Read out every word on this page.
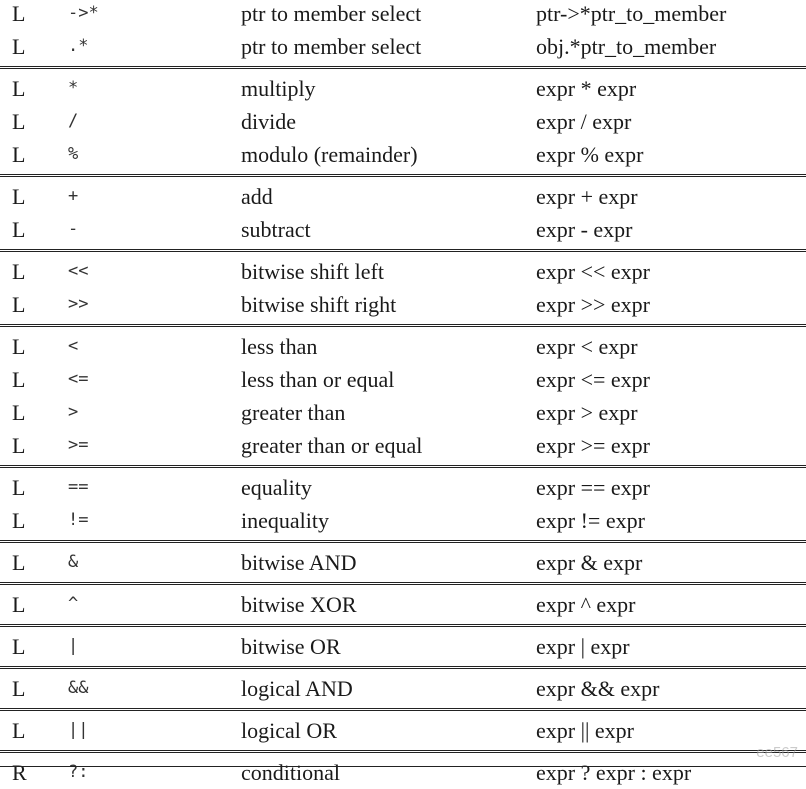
L	->*	ptr to member select	ptr->*ptr_to_member
L	.*	ptr to member select	obj.*ptr_to_member
L	*	multiply	expr * expr
L	/	divide	expr / expr
L	%	modulo (remainder)	expr % expr
L	+	add	expr + expr
L	-	subtract	expr - expr
L	<<	bitwise shift left	expr << expr
L	>>	bitwise shift right	expr >> expr
L	<	less than	expr < expr
L	<=	less than or equal	expr <= expr
L	>	greater than	expr > expr
L	>=	greater than or equal	expr >= expr
L	==	equality	expr == expr
L	!=	inequality	expr != expr
L	&	bitwise AND	expr & expr
L	^	bitwise XOR	expr ^ expr
L	|	bitwise OR	expr | expr
L	&&	logical AND	expr && expr
L	||	logical OR	expr || expr
R ?:	conditional	expr ? expr : expr	ee567
